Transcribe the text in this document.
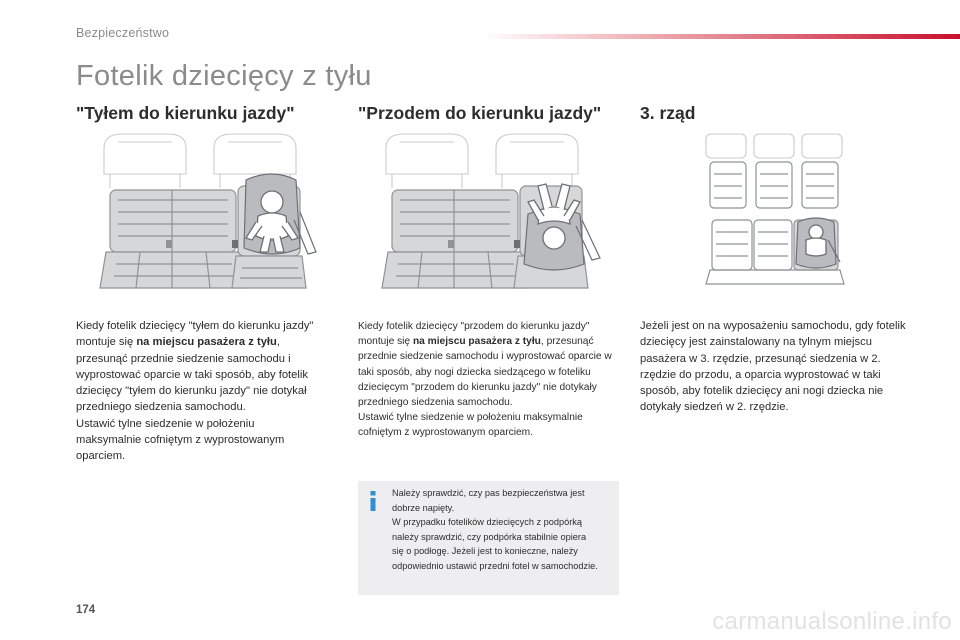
Bezpieczeństwo
Fotelik dziecięcy z tyłu
"Tyłem do kierunku jazdy"	"Przodem do kierunku jazdy" 3. rząd

Kiedy fotelik dziecięcy "tyłem do kierunku jazdy" montuje się na miejscu pasażera z tyłu, przesunąć przednie siedzenie samochodu i wyprostować oparcie w taki sposób, aby fotelik dziecięcy "tyłem do kierunku jazdy" nie dotykał przedniego siedzenia samochodu.
Ustawić tylne siedzenie w położeniu maksymalnie cofniętym z wyprostowanym oparciem.

Kiedy fotelik dziecięcy "przodem do kierunku jazdy" montuje się na miejscu pasażera z tyłu, przesunąć przednie siedzenie samochodu i wyprostować oparcie w taki sposób, aby nogi dziecka siedzącego w foteliku dziecięcym "przodem do kierunku jazdy" nie dotykały przedniego siedzenia samochodu.
Ustawić tylne siedzenie w położeniu maksymalnie cofniętym z wyprostowanym oparciem.

Jeżeli jest on na wyposażeniu samochodu, gdy fotelik dziecięcy jest zainstalowany na tylnym miejscu pasażera w 3. rzędzie, przesunąć siedzenia w 2. rzędzie do przodu, a oparcia wyprostować w taki sposób, aby fotelik dziecięcy ani nogi dziecka nie dotykały siedzeń w 2. rzędzie.

Należy sprawdzić, czy pas bezpieczeństwa jest
dobrze napięty.
W przypadku fotelików dziecięcych z podpórką
należy sprawdzić, czy podpórka stabilnie opiera
się o podłogę. Jeżeli jest to konieczne, należy
odpowiednio ustawić przedni fotel w samochodzie.
174	carmanualsonline.info
